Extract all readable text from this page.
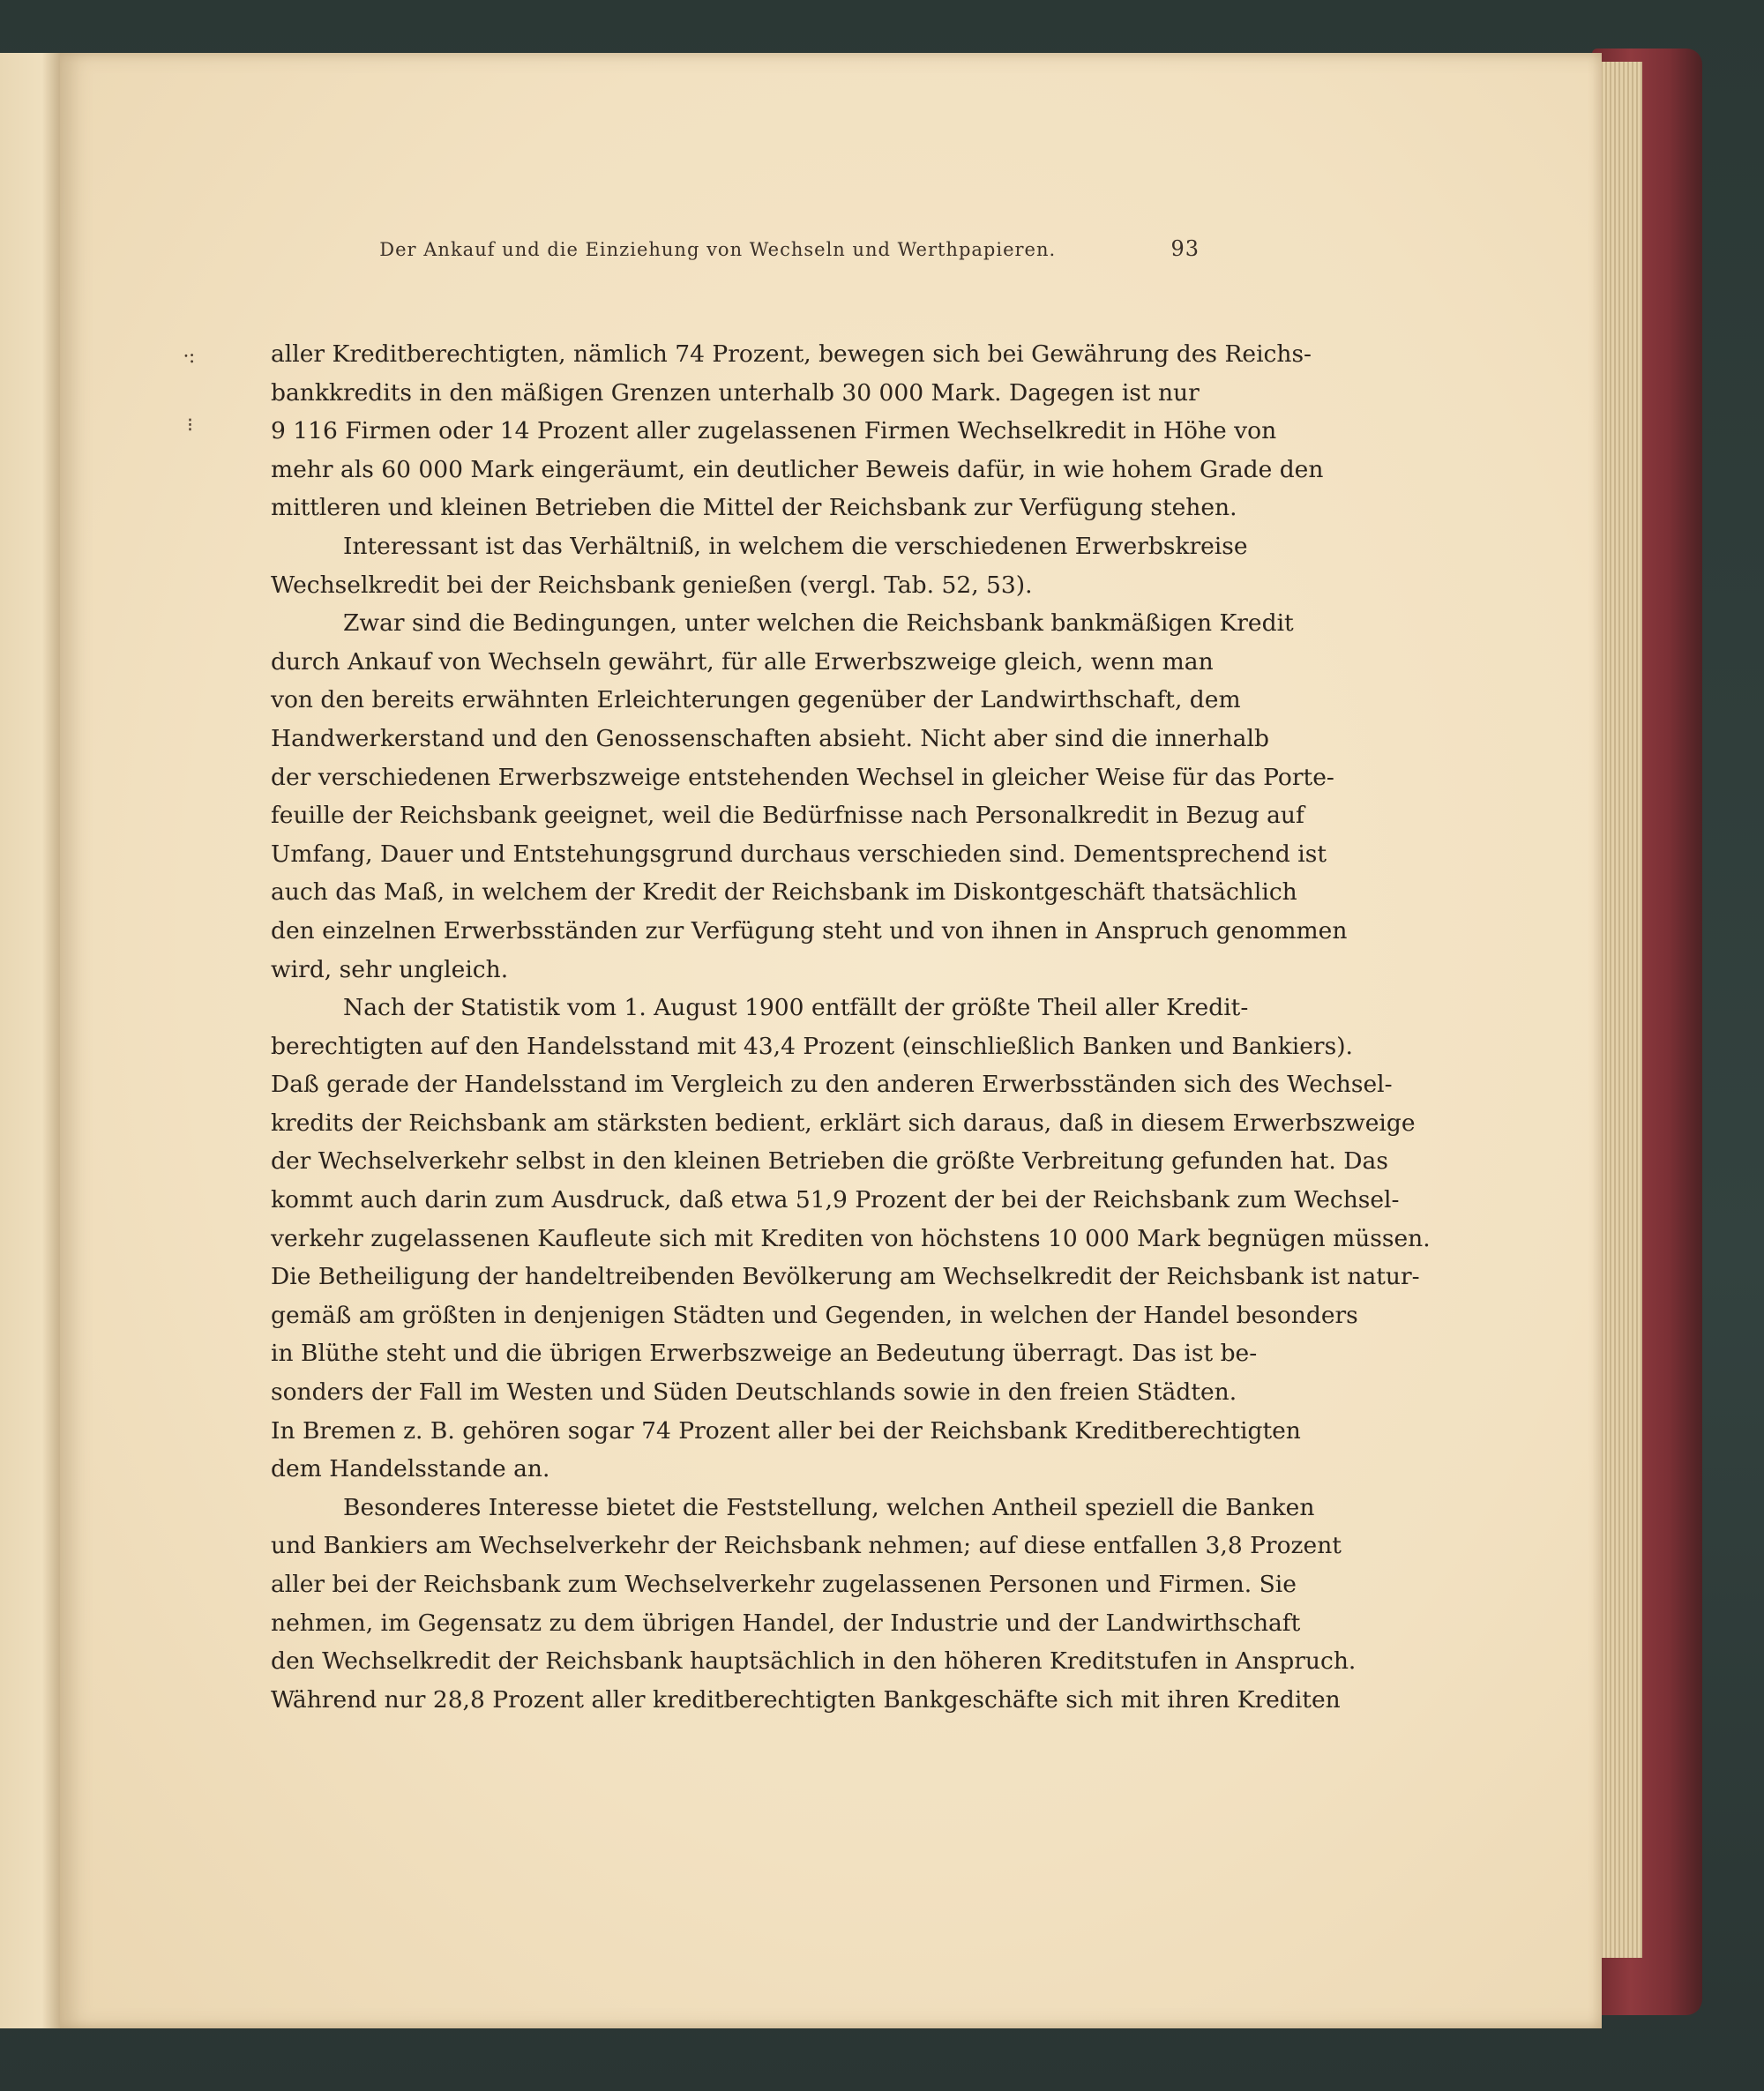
Der Ankauf und die Einziehung von Wechseln und Werthpapieren.	93
⸱:
⁝
aller Kreditberechtigten, nämlich 74 Prozent, bewegen sich bei Gewährung des Reichs-
bankkredits in den mäßigen Grenzen unterhalb 30 000 Mark. Dagegen ist nur
9 116 Firmen oder 14 Prozent aller zugelassenen Firmen Wechselkredit in Höhe von
mehr als 60 000 Mark eingeräumt, ein deutlicher Beweis dafür, in wie hohem Grade den
mittleren und kleinen Betrieben die Mittel der Reichsbank zur Verfügung stehen.
Interessant ist das Verhältniß, in welchem die verschiedenen Erwerbskreise
Wechselkredit bei der Reichsbank genießen (vergl. Tab. 52, 53).
Zwar sind die Bedingungen, unter welchen die Reichsbank bankmäßigen Kredit
durch Ankauf von Wechseln gewährt, für alle Erwerbszweige gleich, wenn man
von den bereits erwähnten Erleichterungen gegenüber der Landwirthschaft, dem
Handwerkerstand und den Genossenschaften absieht. Nicht aber sind die innerhalb
der verschiedenen Erwerbszweige entstehenden Wechsel in gleicher Weise für das Porte-
feuille der Reichsbank geeignet, weil die Bedürfnisse nach Personalkredit in Bezug auf
Umfang, Dauer und Entstehungsgrund durchaus verschieden sind. Dementsprechend ist
auch das Maß, in welchem der Kredit der Reichsbank im Diskontgeschäft thatsächlich
den einzelnen Erwerbsständen zur Verfügung steht und von ihnen in Anspruch genommen
wird, sehr ungleich.
Nach der Statistik vom 1. August 1900 entfällt der größte Theil aller Kredit-
berechtigten auf den Handelsstand mit 43,4 Prozent (einschließlich Banken und Bankiers).
Daß gerade der Handelsstand im Vergleich zu den anderen Erwerbsständen sich des Wechsel-
kredits der Reichsbank am stärksten bedient, erklärt sich daraus, daß in diesem Erwerbszweige
der Wechselverkehr selbst in den kleinen Betrieben die größte Verbreitung gefunden hat. Das
kommt auch darin zum Ausdruck, daß etwa 51,9 Prozent der bei der Reichsbank zum Wechsel-
verkehr zugelassenen Kaufleute sich mit Krediten von höchstens 10 000 Mark begnügen müssen.
Die Betheiligung der handeltreibenden Bevölkerung am Wechselkredit der Reichsbank ist natur-
gemäß am größten in denjenigen Städten und Gegenden, in welchen der Handel besonders
in Blüthe steht und die übrigen Erwerbszweige an Bedeutung überragt. Das ist be-
sonders der Fall im Westen und Süden Deutschlands sowie in den freien Städten.
In Bremen z. B. gehören sogar 74 Prozent aller bei der Reichsbank Kreditberechtigten
dem Handelsstande an.
Besonderes Interesse bietet die Feststellung, welchen Antheil speziell die Banken
und Bankiers am Wechselverkehr der Reichsbank nehmen; auf diese entfallen 3,8 Prozent
aller bei der Reichsbank zum Wechselverkehr zugelassenen Personen und Firmen. Sie
nehmen, im Gegensatz zu dem übrigen Handel, der Industrie und der Landwirthschaft
den Wechselkredit der Reichsbank hauptsächlich in den höheren Kreditstufen in Anspruch.
Während nur 28,8 Prozent aller kreditberechtigten Bankgeschäfte sich mit ihren Krediten
